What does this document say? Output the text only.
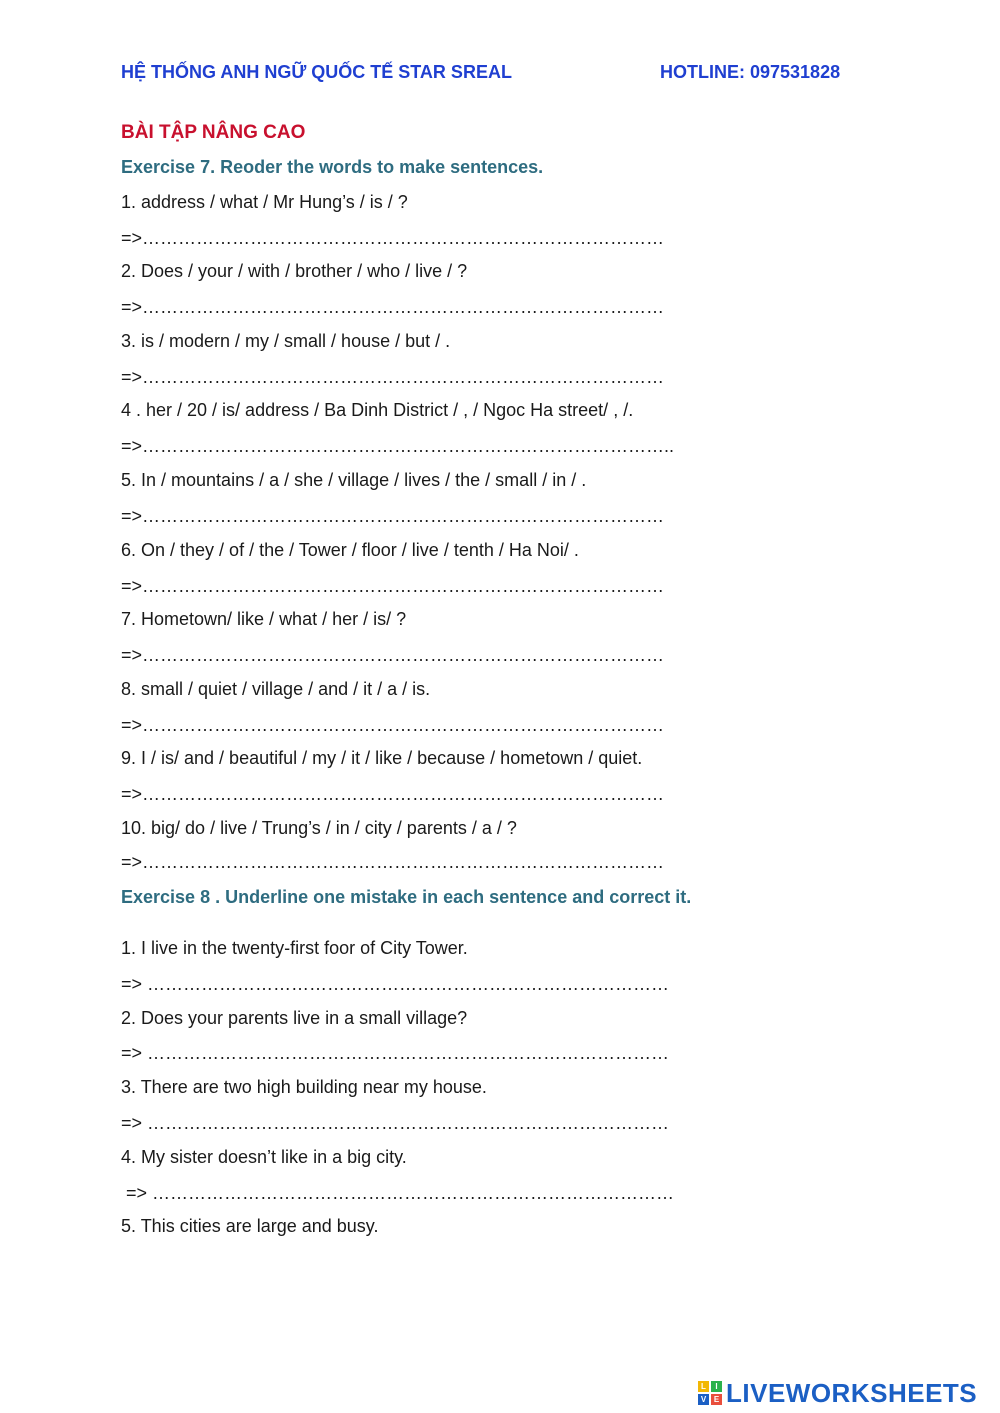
HỆ THỐNG ANH NGỮ QUỐC TẾ STAR SREAL	HOTLINE: 097531828
BÀI TẬP NÂNG CAO
Exercise 7. Reoder the words to make sentences.
1. address / what / Mr Hung’s / is / ?
=>……………………………………………………………………………
2. Does / your / with / brother / who / live / ?
=>……………………………………………………………………………
3. is / modern / my / small / house / but / .
=>……………………………………………………………………………
4 . her / 20 / is/ address / Ba Dinh District / , / Ngoc Ha street/ , /.
=>……………………………………………………………………………..
5. In / mountains / a / she / village / lives / the / small / in / .
=>……………………………………………………………………………
6. On / they / of / the / Tower / floor / live / tenth / Ha Noi/ .
=>……………………………………………………………………………
7. Hometown/ like / what / her / is/ ?
=>……………………………………………………………………………
8. small / quiet / village / and / it / a / is.
=>……………………………………………………………………………
9. I / is/ and / beautiful / my / it / like / because / hometown / quiet.
=>……………………………………………………………………………
10. big/ do / live / Trung’s / in / city / parents / a / ?
=>……………………………………………………………………………
Exercise 8 . Underline one mistake in each sentence and correct it.
1. I live in the twenty-first foor of City Tower.
=> ……………………………………………………………………………
2. Does your parents live in a small village?
=> ……………………………………………………………………………
3. There are two high building near my house.
=> ……………………………………………………………………………
4. My sister doesn’t like in a big city.
=> ……………………………………………………………………………
5. This cities are large and busy.
L	I
V E LIVEWORKSHEETS
